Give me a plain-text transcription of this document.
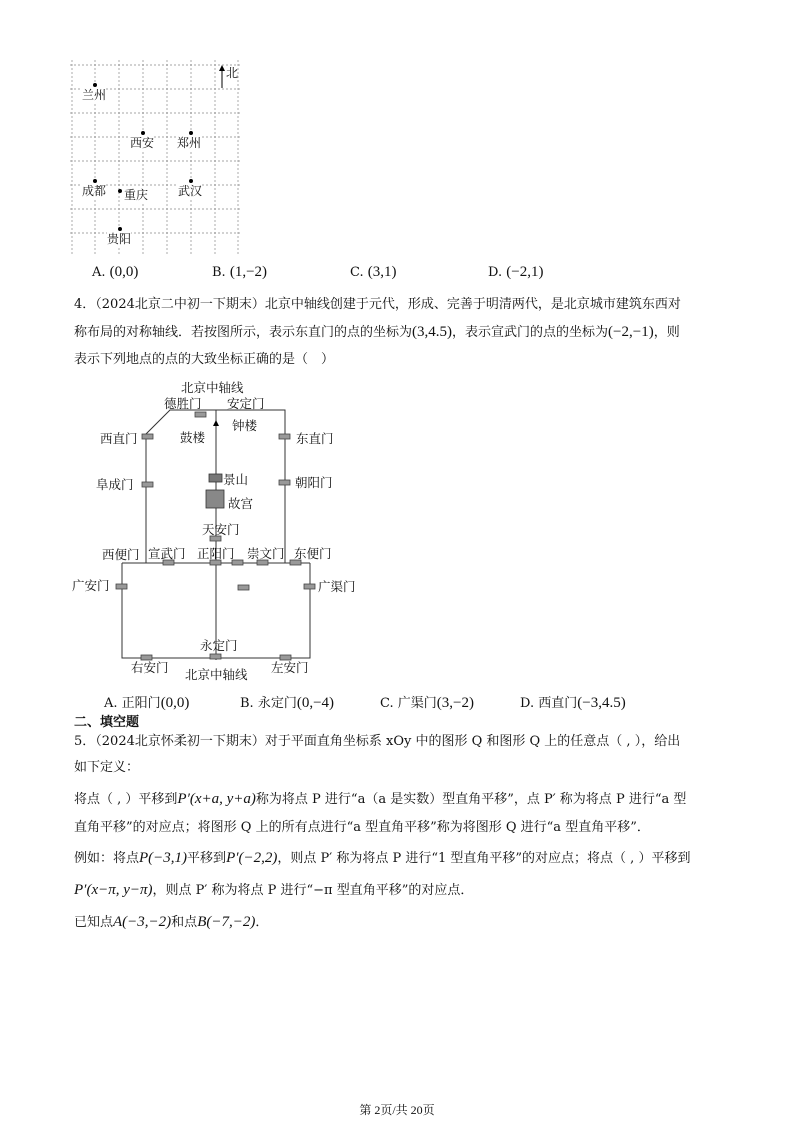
北
兰州
西安 郑州
成都 重庆 武汉
贵阳
A. (0,0)	B. (1,−2)	C. (3,1)	D. (−2,1)
4．（2024北京二中初一下期末）北京中轴线创建于元代，形成、完善于明清两代，是北京城市建筑东西对
称布局的对称轴线．若按图所示，表示东直门的点的坐标为(3,4.5)，表示宣武门的点的坐标为(−2,−1)，则
表示下列地点的点的大致坐标正确的是（　）
北京中轴线
德胜门 安定门
钟楼
鼓楼
西直门	东直门
阜成门	景山	朝阳门
故宫
天安门
西便门 宣武门 正阳门 崇文门 东便门
广安门	广渠门
永定门
右安门	左安门
北京中轴线
A. 正阳门(0,0)	B. 永定门(0,−4)	C. 广渠门(3,−2)	D. 西直门(−3,4.5)
二、填空题
5．（2024北京怀柔初一下期末）对于平面直角坐标系 xOy 中的图形 Q 和图形 Q 上的任意点（ , ），给出
如下定义：
将点（ , ）平移到P′(x+a, y+a)称为将点 P 进行“a（a 是实数）型直角平移”，点 P′ 称为将点 P 进行“a 型
直角平移”的对应点；将图形 Q 上的所有点进行“a 型直角平移”称为将图形 Q 进行“a 型直角平移”．
例如：将点P(−3,1)平移到P′(−2,2)，则点 P′ 称为将点 P 进行“1 型直角平移”的对应点；将点（ , ）平移到
P′(x−π, y−π)，则点 P′ 称为将点 P 进行“−π 型直角平移”的对应点．
已知点A(−3,−2)和点B(−7,−2)．
第 2页/共 20页
